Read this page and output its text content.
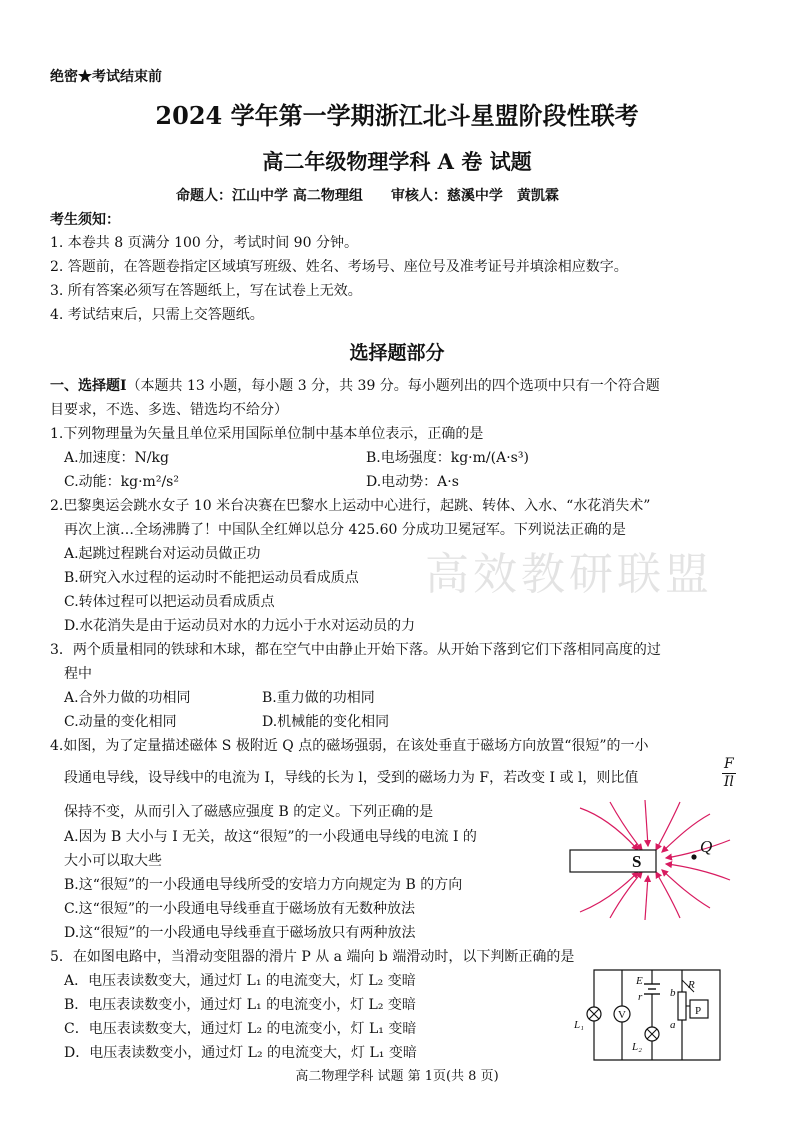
绝密★考试结束前
2024 学年第一学期浙江北斗星盟阶段性联考
高二年级物理学科 A 卷 试题
命题人：江山中学 高二物理组　　审核人：慈溪中学　黄凯霖
考生须知：
1. 本卷共 8 页满分 100 分，考试时间 90 分钟。
2. 答题前，在答题卷指定区域填写班级、姓名、考场号、座位号及准考证号并填涂相应数字。
3. 所有答案必须写在答题纸上，写在试卷上无效。
4. 考试结束后，只需上交答题纸。
选择题部分
一、选择题Ⅰ（本题共 13 小题，每小题 3 分，共 39 分。每小题列出的四个选项中只有一个符合题
目要求，不选、多选、错选均不给分）
1.下列物理量为矢量且单位采用国际单位制中基本单位表示，正确的是
A.加速度：N/kg	B.电场强度：kg·m/(A·s³)
C.动能：kg·m²/s²	D.电动势：A·s
2.巴黎奥运会跳水女子 10 米台决赛在巴黎水上运动中心进行，起跳、转体、入水、“水花消失术”
再次上演…全场沸腾了！中国队全红婵以总分 425.60 分成功卫冕冠军。下列说法正确的是
A.起跳过程跳台对运动员做正功
B.研究入水过程的运动时不能把运动员看成质点
C.转体过程可以把运动员看成质点
D.水花消失是由于运动员对水的力远小于水对运动员的力
高效教研联盟
3．两个质量相同的铁球和木球，都在空气中由静止开始下落。从开始下落到它们下落相同高度的过
程中
A.合外力做的功相同	B.重力做的功相同
C.动量的变化相同	D.机械能的变化相同
4.如图，为了定量描述磁体 S 极附近 Q 点的磁场强弱，在该处垂直于磁场方向放置“很短”的一小
段通电导线，设导线中的电流为 I，导线的长为 l，受到的磁场力为 F，若改变 I 或 l，则比值	$\frac{F}{Il}$
保持不变，从而引入了磁感应强度 B 的定义。下列正确的是
A.因为 B 大小与 I 无关，故这“很短”的一小段通电导线的电流 I 的
大小可以取大些
B.这“很短”的一小段通电导线所受的安培力方向规定为 B 的方向
C.这“很短”的一小段通电导线垂直于磁场放有无数种放法
D.这“很短”的一小段通电导线垂直于磁场放只有两种放法
S
Q
5．在如图电路中，当滑动变阻器的滑片 P 从 a 端向 b 端滑动时，以下判断正确的是
A．电压表读数变大，通过灯 L₁ 的电流变大，灯 L₂ 变暗
B．电压表读数变小，通过灯 L₁ 的电流变小，灯 L₂ 变暗
C．电压表读数变大，通过灯 L₂ 的电流变小，灯 L₁ 变暗
D．电压表读数变小，通过灯 L₂ 的电流变大，灯 L₁ 变暗
V
E
r	b
R
a
L₁
L₂
P
高二物理学科 试题 第 1页(共 8 页)
